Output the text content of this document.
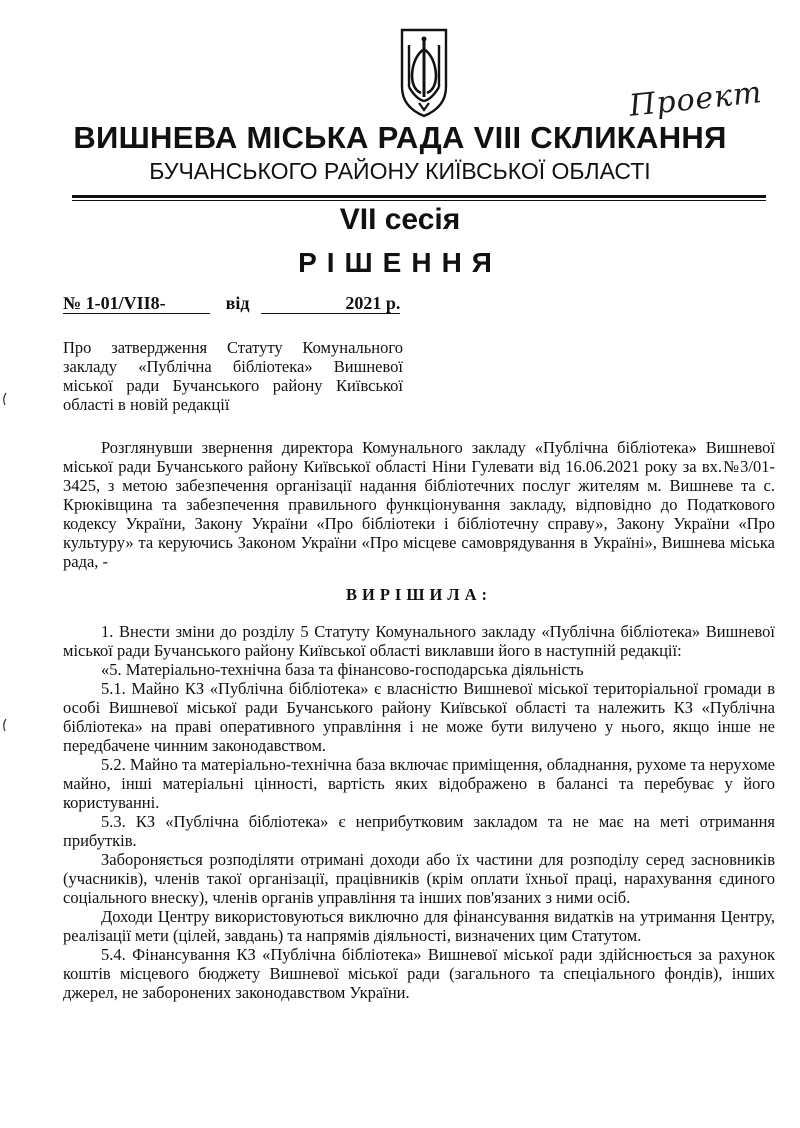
Проект
ВИШНЕВА МІСЬКА РАДА VIII СКЛИКАННЯ
БУЧАНСЬКОГО РАЙОНУ КИЇВСЬКОЇ ОБЛАСТІ
VІІ сесія
РІШЕННЯ
№ 1-01/VІІ8-	від	2021 р.
Про затвердження Статуту Комунального закладу «Публічна бібліотека» Вишневої міської ради Бучанського району Київської області в новій редакції

Розглянувши звернення директора Комунального закладу «Публічна бібліотека» Вишневої міської ради Бучанського району Київської області Ніни Гулевати від 16.06.2021 року за вх.№3/01-3425, з метою забезпечення організації надання бібліотечних послуг жителям м. Вишневе та с. Крюківщина та забезпечення правильного функціонування закладу, відповідно до Податкового кодексу України, Закону України «Про бібліотеки і бібліотечну справу», Закону України «Про культуру» та керуючись Законом України «Про місцеве самоврядування в Україні», Вишнева міська рада, -

ВИРІШИЛА:

1. Внести зміни до розділу 5 Статуту Комунального закладу «Публічна бібліотека» Вишневої міської ради Бучанського району Київської області виклавши його в наступній редакції:

«5. Матеріально-технічна база та фінансово-господарська діяльність

5.1. Майно КЗ «Публічна бібліотека» є власністю Вишневої міської територіальної громади в особі Вишневої міської ради Бучанського району Київської області та належить КЗ «Публічна бібліотека» на праві оперативного управління і не може бути вилучено у нього, якщо інше не передбачене чинним законодавством.

5.2. Майно та матеріально-технічна база включає приміщення, обладнання, рухоме та нерухоме майно, інші матеріальні цінності, вартість яких відображено в балансі та перебуває у його користуванні.

5.3. КЗ «Публічна бібліотека» є неприбутковим закладом та не має на меті отримання прибутків.

Забороняється розподіляти отримані доходи або їх частини для розподілу серед засновників (учасників), членів такої організації, працівників (крім оплати їхньої праці, нарахування єдиного соціального внеску), членів органів управління та інших пов'язаних з ними осіб.

Доходи Центру використовуються виключно для фінансування видатків на утримання Центру, реалізації мети (цілей, завдань) та напрямів діяльності, визначених цим Статутом.

5.4. Фінансування КЗ «Публічна бібліотека» Вишневої міської ради здійснюється за рахунок коштів місцевого бюджету Вишневої міської ради (загального та спеціального фондів), інших джерел, не заборонених законодавством України.
